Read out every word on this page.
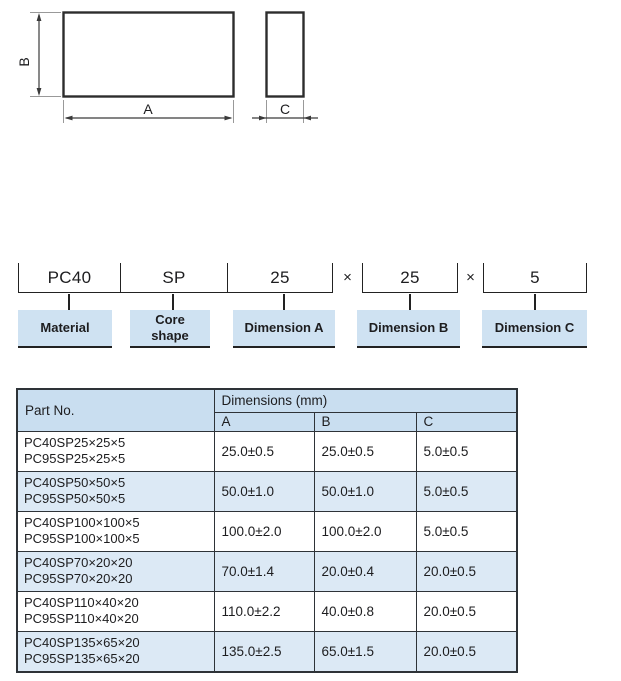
B
A	C
PC40	SP	25	×	25	×	5
Material
Core shape
Dimension A	Dimension B	Dimension C
Part No.	Dimensions (mm)		
	A	B	C

PC40SP25×25×5
PC95SP25×25×5	25.0±0.5	25.0±0.5	5.0±0.5

PC40SP50×50×5
PC95SP50×50×5	50.0±1.0	50.0±1.0	5.0±0.5

PC40SP100×100×5
PC95SP100×100×5	100.0±2.0	100.0±2.0	5.0±0.5

PC40SP70×20×20
PC95SP70×20×20	70.0±1.4	20.0±0.4	20.0±0.5

PC40SP110×40×20
PC95SP110×40×20	110.0±2.2	40.0±0.8	20.0±0.5

PC40SP135×65×20
PC95SP135×65×20	135.0±2.5	65.0±1.5	20.0±0.5
